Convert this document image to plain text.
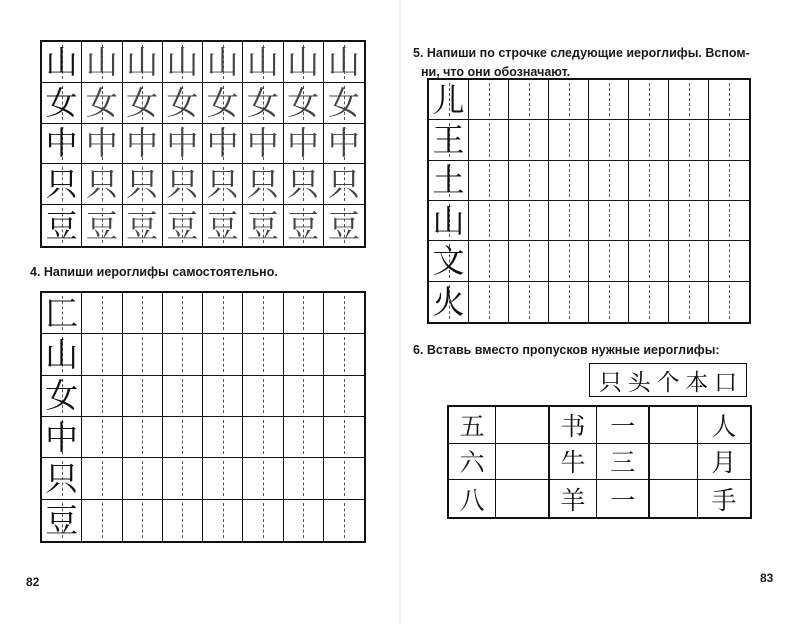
山 山 山 山 山 山 山 山
女 女 女 女 女 女 女 女
中 中 中 中 中 中 中 中
只 只 只 只 只 只 只 只
豆 豆 豆 豆 豆 豆 豆 豆
4. Напиши иероглифы самостоятельно.
匚
山
女
中
只
豆
82
5. Напиши по строчке следующие иероглифы. Вспом-
ни, что они обозначают.
儿
王
土
山
文
火
6. Вставь вместо пропусков нужные иероглифы:
只 头 个 本 口
五
六
八
书
牛
羊
一
三
一
人
月
手
83
